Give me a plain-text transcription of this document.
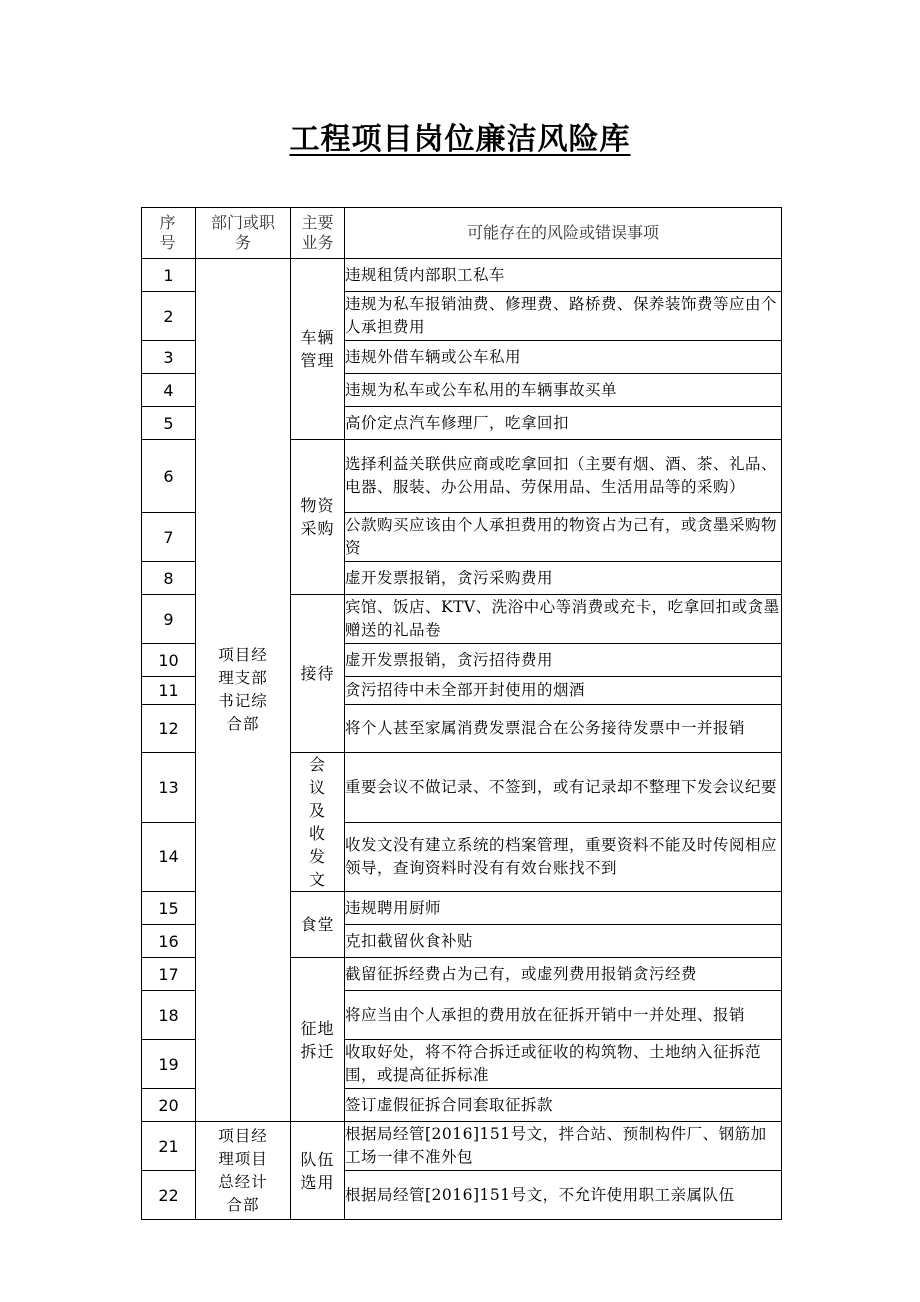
工程项目岗位廉洁风险库
序号	部门或职务	主要业务	可能存在的风险或错误事项
1	项目经理支部书记综合部	车辆管理	违规租赁内部职工私车
2			违规为私车报销油费、修理费、路桥费、保养装饰费等应由个人承担费用
3			违规外借车辆或公车私用
4			违规为私车或公车私用的车辆事故买单
5			高价定点汽车修理厂，吃拿回扣
6		物资采购	选择利益关联供应商或吃拿回扣（主要有烟、酒、茶、礼品、电器、服装、办公用品、劳保用品、生活用品等的采购）
7			公款购买应该由个人承担费用的物资占为己有，或贪墨采购物资
8			虚开发票报销，贪污采购费用
9		接待	宾馆、饭店、KTV、洗浴中心等消费或充卡，吃拿回扣或贪墨赠送的礼品卷
10			虚开发票报销，贪污招待费用
11			贪污招待中未全部开封使用的烟酒
12			将个人甚至家属消费发票混合在公务接待发票中一并报销
13		会议及收发文	重要会议不做记录、不签到，或有记录却不整理下发会议纪要
14			收发文没有建立系统的档案管理，重要资料不能及时传阅相应领导，查询资料时没有有效台账找不到
15		食堂	违规聘用厨师
16			克扣截留伙食补贴
17		征地拆迁	截留征拆经费占为己有，或虚列费用报销贪污经费
18			将应当由个人承担的费用放在征拆开销中一并处理、报销
19			收取好处，将不符合拆迁或征收的构筑物、土地纳入征拆范围，或提高征拆标准
20			签订虚假征拆合同套取征拆款
21	项目经理项目总经计合部	队伍选用	根据局经管[2016]151号文，拌合站、预制构件厂、钢筋加工场一律不准外包
22			根据局经管[2016]151号文，不允许使用职工亲属队伍
